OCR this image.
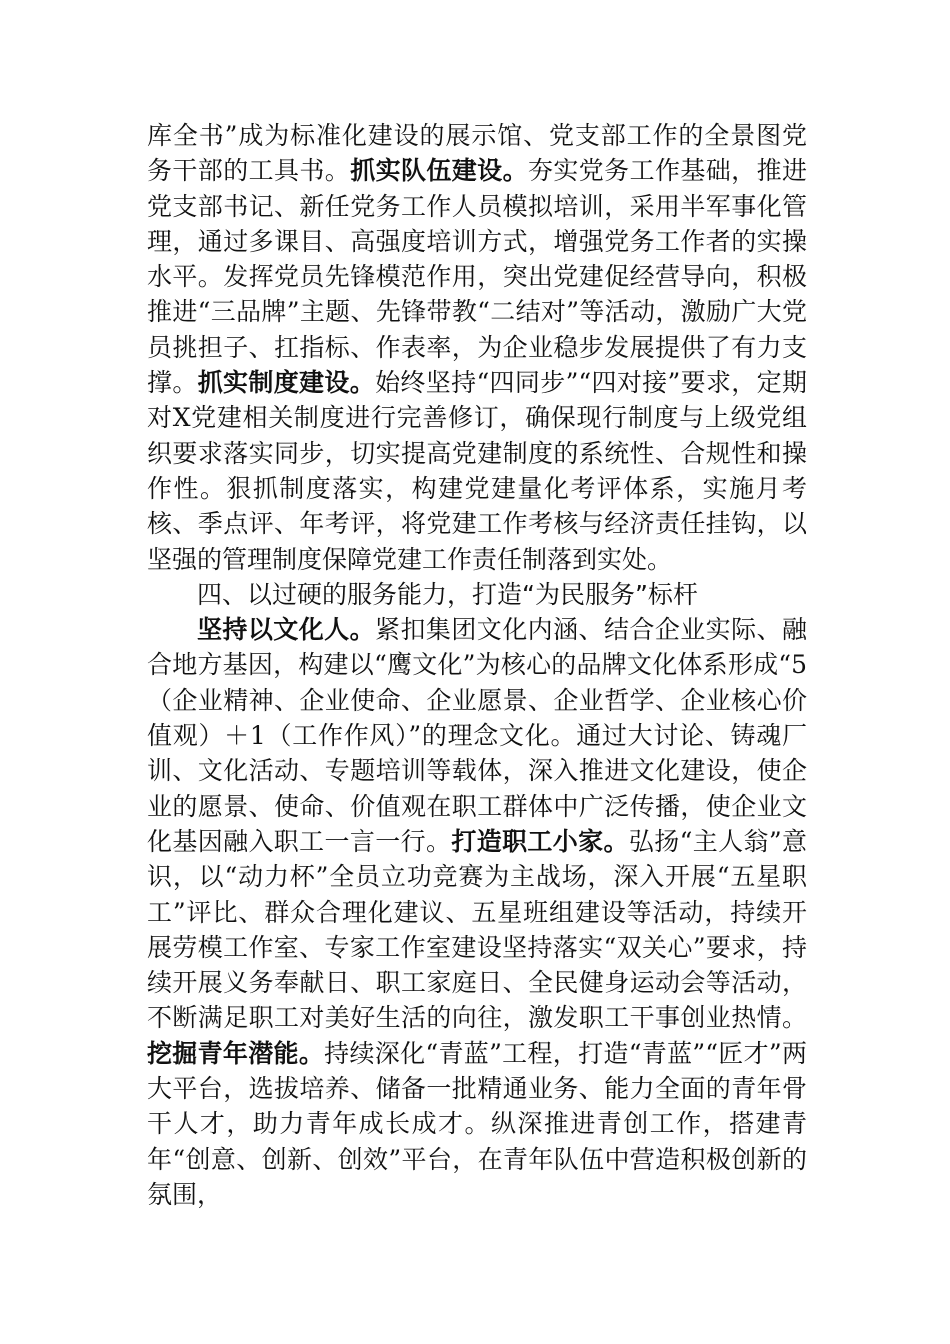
库全书”成为标准化建设的展示馆、党支部工作的全景图党务干部的工具书。抓实队伍建设。夯实党务工作基础，推进党支部书记、新任党务工作人员模拟培训，采用半军事化管理，通过多课目、高强度培训方式，增强党务工作者的实操水平。发挥党员先锋模范作用，突出党建促经营导向，积极推进“三品牌”主题、先锋带教“二结对”等活动，激励广大党员挑担子、扛指标、作表率，为企业稳步发展提供了有力支撑。抓实制度建设。始终坚持“四同步”“四对接”要求，定期对X党建相关制度进行完善修订，确保现行制度与上级党组织要求落实同步，切实提高党建制度的系统性、合规性和操作性。狠抓制度落实，构建党建量化考评体系，实施月考核、季点评、年考评，将党建工作考核与经济责任挂钩，以坚强的管理制度保障党建工作责任制落到实处。

四、以过硬的服务能力，打造“为民服务”标杆

坚持以文化人。紧扣集团文化内涵、结合企业实际、融合地方基因，构建以“鹰文化”为核心的品牌文化体系形成“5（企业精神、企业使命、企业愿景、企业哲学、企业核心价值观）＋1（工作作风）”的理念文化。通过大讨论、铸魂厂训、文化活动、专题培训等载体，深入推进文化建设，使企业的愿景、使命、价值观在职工群体中广泛传播，使企业文化基因融入职工一言一行。打造职工小家。弘扬“主人翁”意识，以“动力杯”全员立功竞赛为主战场，深入开展“五星职工”评比、群众合理化建议、五星班组建设等活动，持续开展劳模工作室、专家工作室建设坚持落实“双关心”要求，持续开展义务奉献日、职工家庭日、全民健身运动会等活动，不断满足职工对美好生活的向往，激发职工干事创业热情。挖掘青年潜能。持续深化“青蓝”工程，打造“青蓝”“匠才”两大平台，选拔培养、储备一批精通业务、能力全面的青年骨干人才，助力青年成长成才。纵深推进青创工作，搭建青年“创意、创新、创效”平台，在青年队伍中营造积极创新的氛围，
